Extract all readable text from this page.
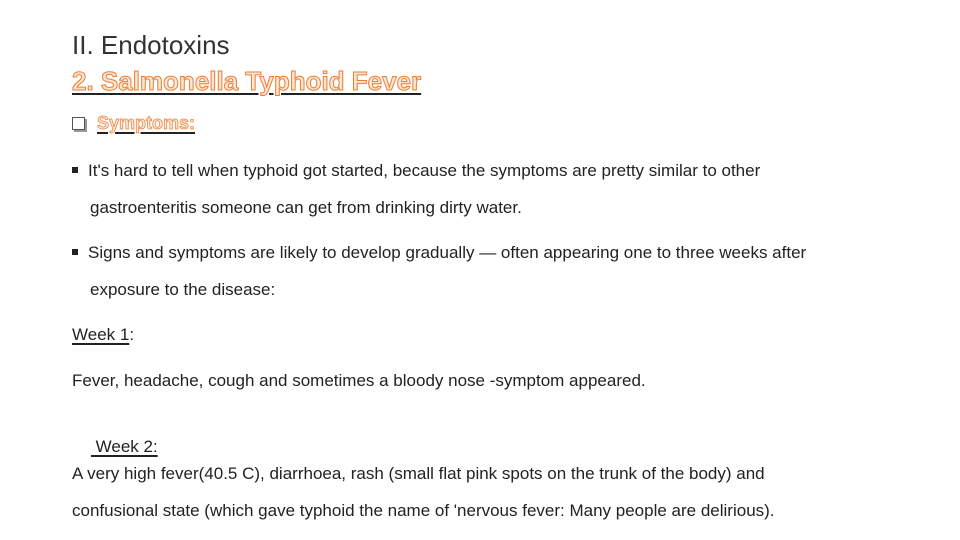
II. Endotoxins
2. Salmonella Typhoid Fever
Symptoms:
It's hard to tell when typhoid got started, because the symptoms are pretty similar to other
gastroenteritis someone can get from drinking dirty water.
Signs and symptoms are likely to develop gradually — often appearing one to three weeks after
exposure to the disease:
Week 1:
Fever, headache, cough and sometimes a bloody nose -symptom appeared.

Week 2:

A very high fever(40.5 C), diarrhoea, rash (small flat pink spots on the trunk of the body) and
confusional state (which gave typhoid the name of 'nervous fever: Many people are delirious).
